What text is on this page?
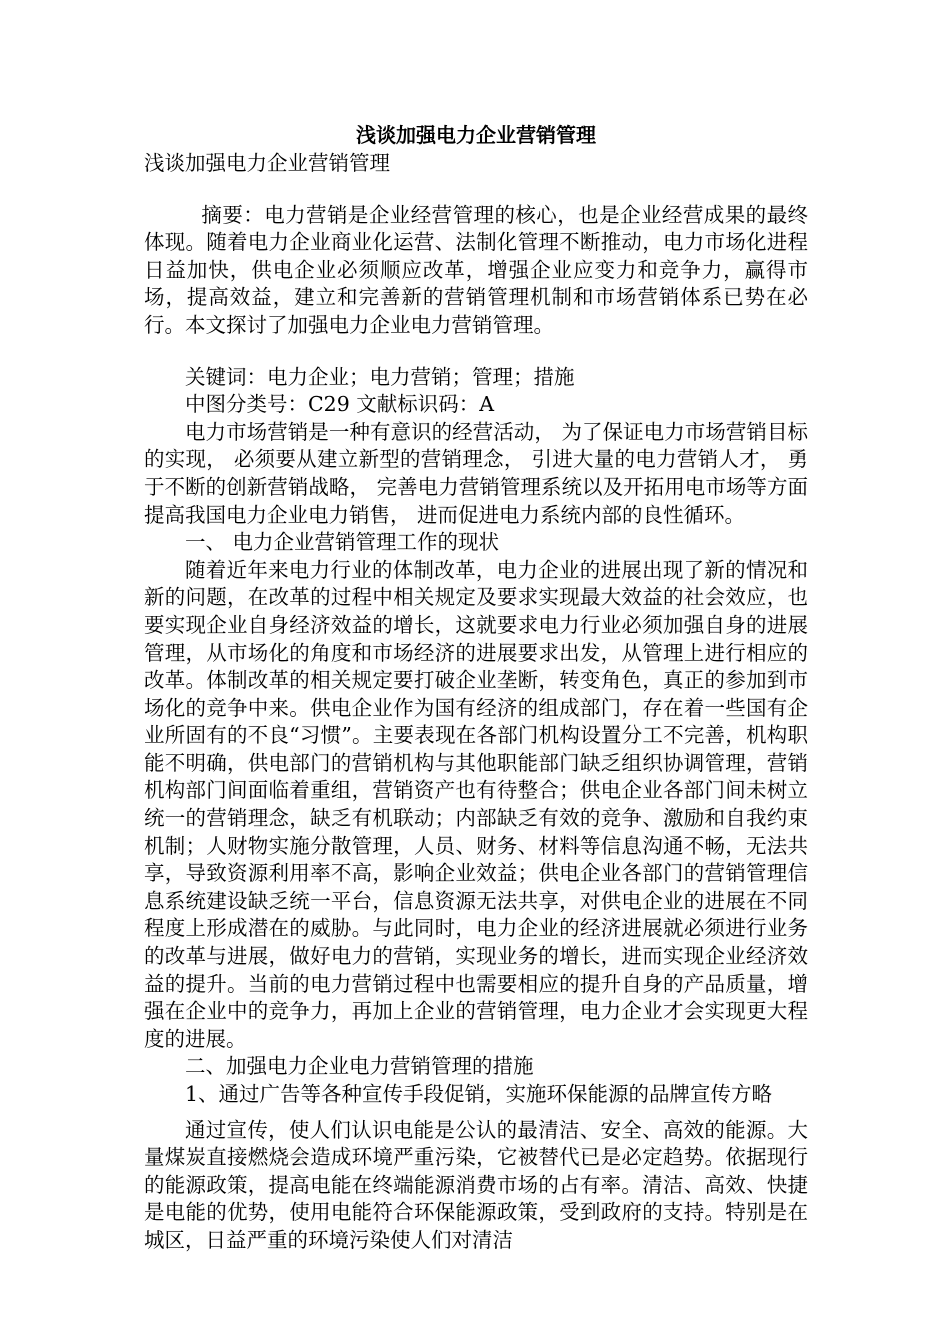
浅谈加强电力企业营销管理

浅谈加强电力企业营销管理

摘要：电力营销是企业经营管理的核心，也是企业经营成果的最终体现。随着电力企业商业化运营、法制化管理不断推动，电力市场化进程日益加快，供电企业必须顺应改革，增强企业应变力和竞争力，赢得市场，提高效益，建立和完善新的营销管理机制和市场营销体系已势在必行。本文探讨了加强电力企业电力营销管理。

关键词：电力企业；电力营销；管理；措施

中图分类号：C29 文献标识码：A

电力市场营销是一种有意识的经营活动， 为了保证电力市场营销目标的实现， 必须要从建立新型的营销理念， 引进大量的电力营销人才， 勇于不断的创新营销战略， 完善电力营销管理系统以及开拓用电市场等方面提高我国电力企业电力销售， 进而促进电力系统内部的良性循环。

一、 电力企业营销管理工作的现状

随着近年来电力行业的体制改革，电力企业的进展出现了新的情况和新的问题，在改革的过程中相关规定及要求实现最大效益的社会效应，也要实现企业自身经济效益的增长，这就要求电力行业必须加强自身的进展管理，从市场化的角度和市场经济的进展要求出发，从管理上进行相应的改革。体制改革的相关规定要打破企业垄断，转变角色，真正的参加到市场化的竞争中来。供电企业作为国有经济的组成部门，存在着一些国有企业所固有的不良“习惯”。主要表现在各部门机构设置分工不完善，机构职能不明确，供电部门的营销机构与其他职能部门缺乏组织协调管理，营销机构部门间面临着重组，营销资产也有待整合；供电企业各部门间未树立统一的营销理念，缺乏有机联动；内部缺乏有效的竞争、激励和自我约束机制；人财物实施分散管理，人员、财务、材料等信息沟通不畅，无法共享，导致资源利用率不高，影响企业效益；供电企业各部门的营销管理信息系统建设缺乏统一平台，信息资源无法共享，对供电企业的进展在不同程度上形成潜在的威胁。与此同时，电力企业的经济进展就必须进行业务的改革与进展，做好电力的营销，实现业务的增长，进而实现企业经济效益的提升。当前的电力营销过程中也需要相应的提升自身的产品质量，增强在企业中的竞争力，再加上企业的营销管理，电力企业才会实现更大程度的进展。

二、加强电力企业电力营销管理的措施

1、通过广告等各种宣传手段促销，实施环保能源的品牌宣传方略

通过宣传，使人们认识电能是公认的最清洁、安全、高效的能源。大量煤炭直接燃烧会造成环境严重污染，它被替代已是必定趋势。依据现行的能源政策，提高电能在终端能源消费市场的占有率。清洁、高效、快捷是电能的优势，使用电能符合环保能源政策，受到政府的支持。特别是在城区，日益严重的环境污染使人们对清洁
